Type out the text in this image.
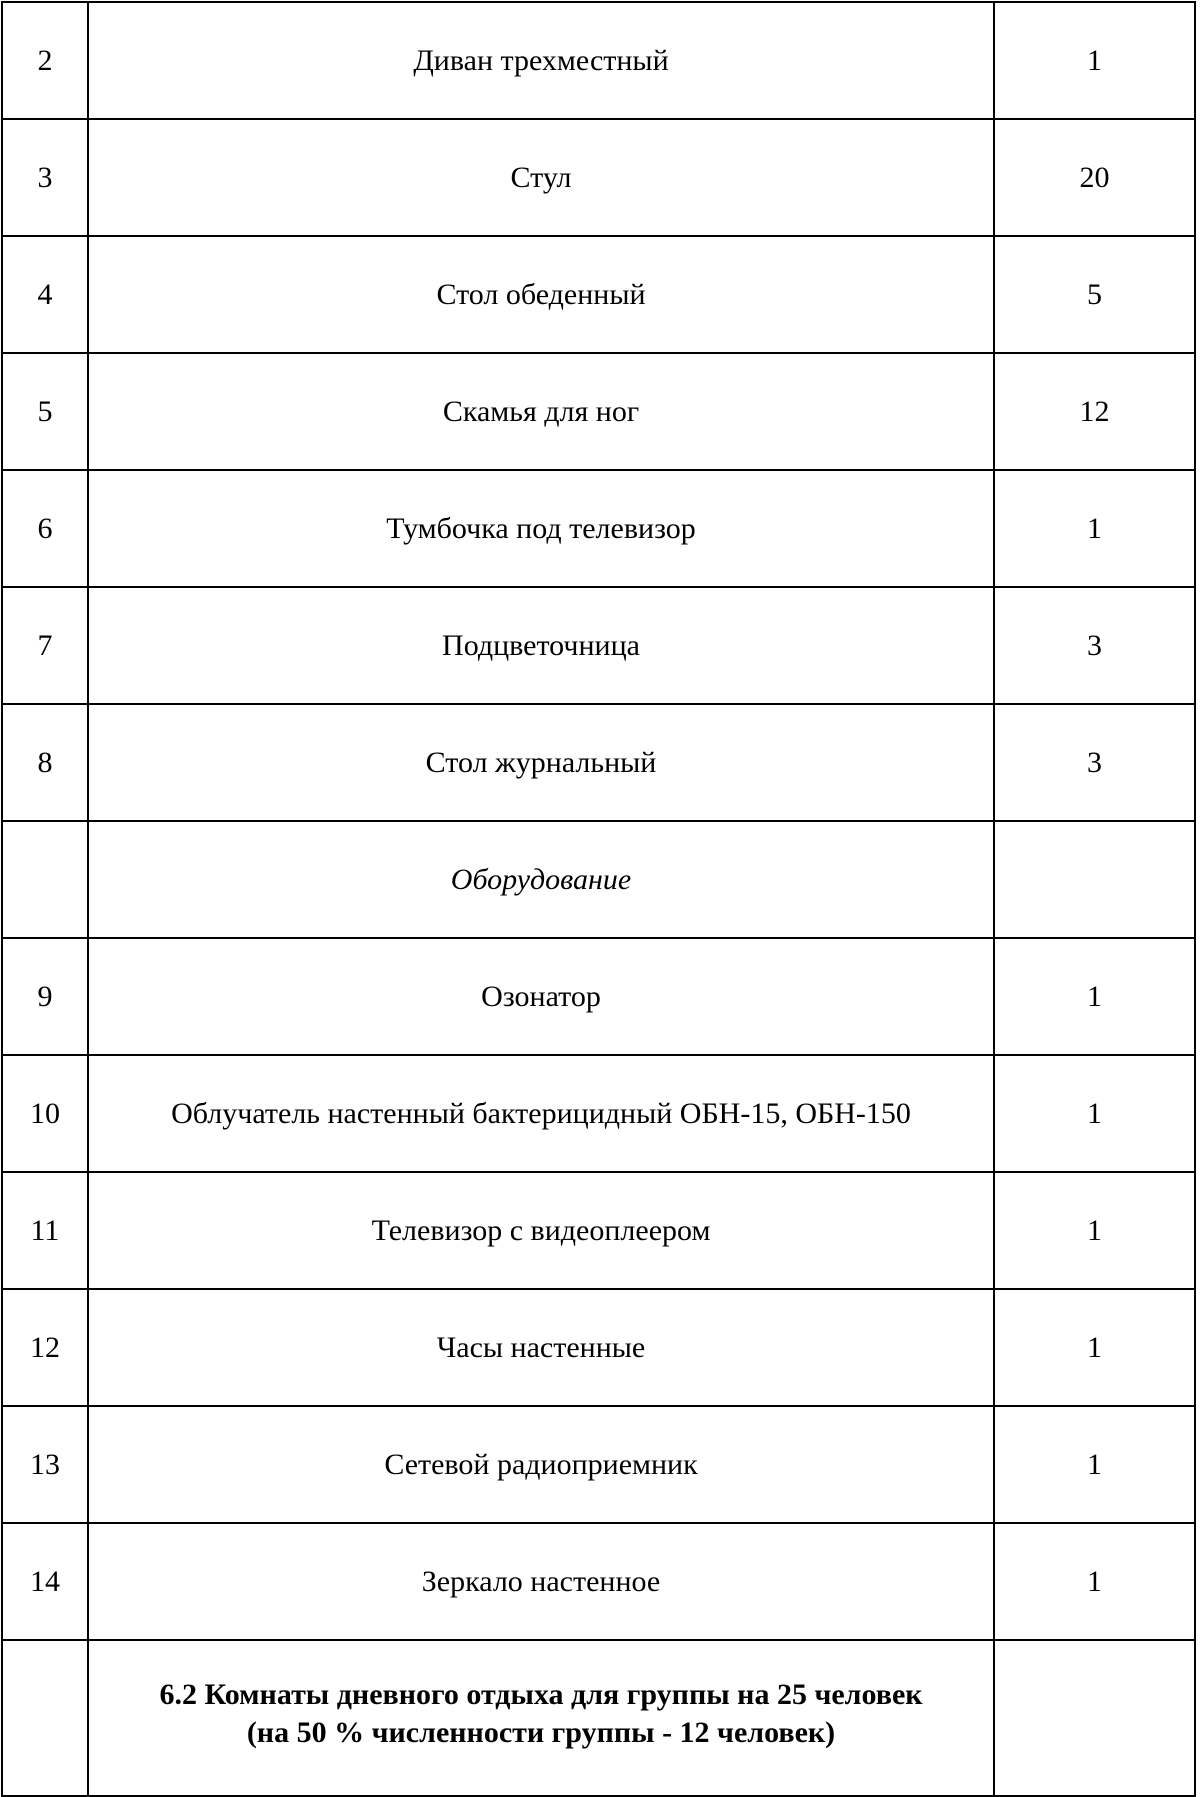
2	Диван трехместный	1
3	Стул	20
4	Стол обеденный	5
5	Скамья для ног	12
6	Тумбочка под телевизор	1
7	Подцветочница	3
8	Стол журнальный	3
	Оборудование	
9	Озонатор	1
10	Облучатель настенный бактерицидный ОБН-15, ОБН-150	1
11	Телевизор с видеоплеером	1
12	Часы настенные	1
13	Сетевой радиоприемник	1
14	Зеркало настенное	1

	6.2 Комнаты дневного отдыха для группы на 25 человек
(на 50 % численности группы - 12 человек)	
